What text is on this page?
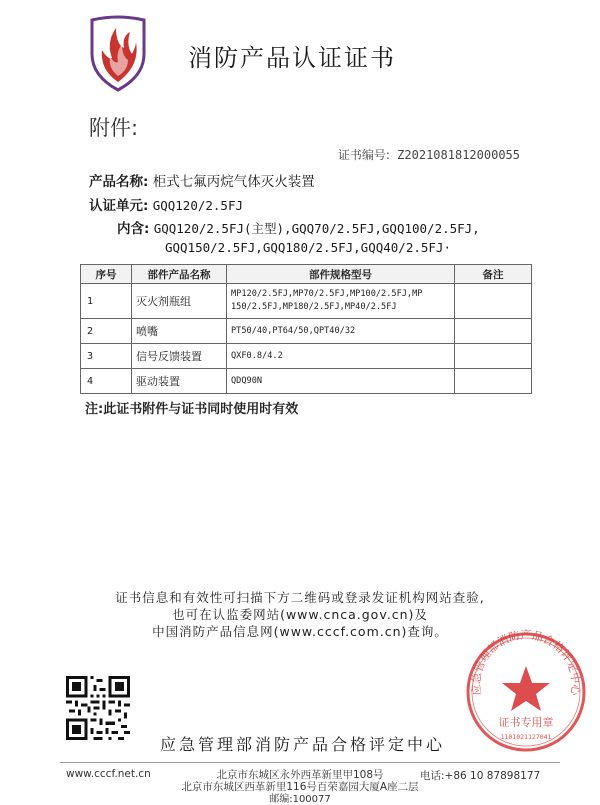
消防产品认证证书
附件:
证书编号: Z2021081812000055
产品名称: 柜式七氟丙烷气体灭火装置
认证单元: GQQ120/2.5FJ
内含: GQQ120/2.5FJ(主型),GQQ70/2.5FJ,GQQ100/2.5FJ,
GQQ150/2.5FJ,GQQ180/2.5FJ,GQQ40/2.5FJ·
序号	部件产品名称	部件规格型号	备注
1	灭火剂瓶组	MP120/2.5FJ,MP70/2.5FJ,MP100/2.5FJ,MP
150/2.5FJ,MP180/2.5FJ,MP40/2.5FJ	

2	喷嘴	PT50/40,PT64/50,QPT40/32	
3	信号反馈装置	QXF0.8/4.2	
4	驱动装置	QDQ90N	
注:此证书附件与证书同时使用时有效
证书信息和有效性可扫描下方二维码或登录发证机构网站查验,
也可在认监委网站(www.cnca.gov.cn)及
中国消防产品信息网(www.cccf.com.cn)查询。
应急管理部消防产品合格评定中心
应急管理部消防产品合格评定中心
证书专用章
1101021127041
www.cccf.net.cn	北京市东城区永外西革新里甲108号
北京市东城区西革新里116号百荣嘉园大厦A座二层
邮编:100077
电话:+86 10 87898177
